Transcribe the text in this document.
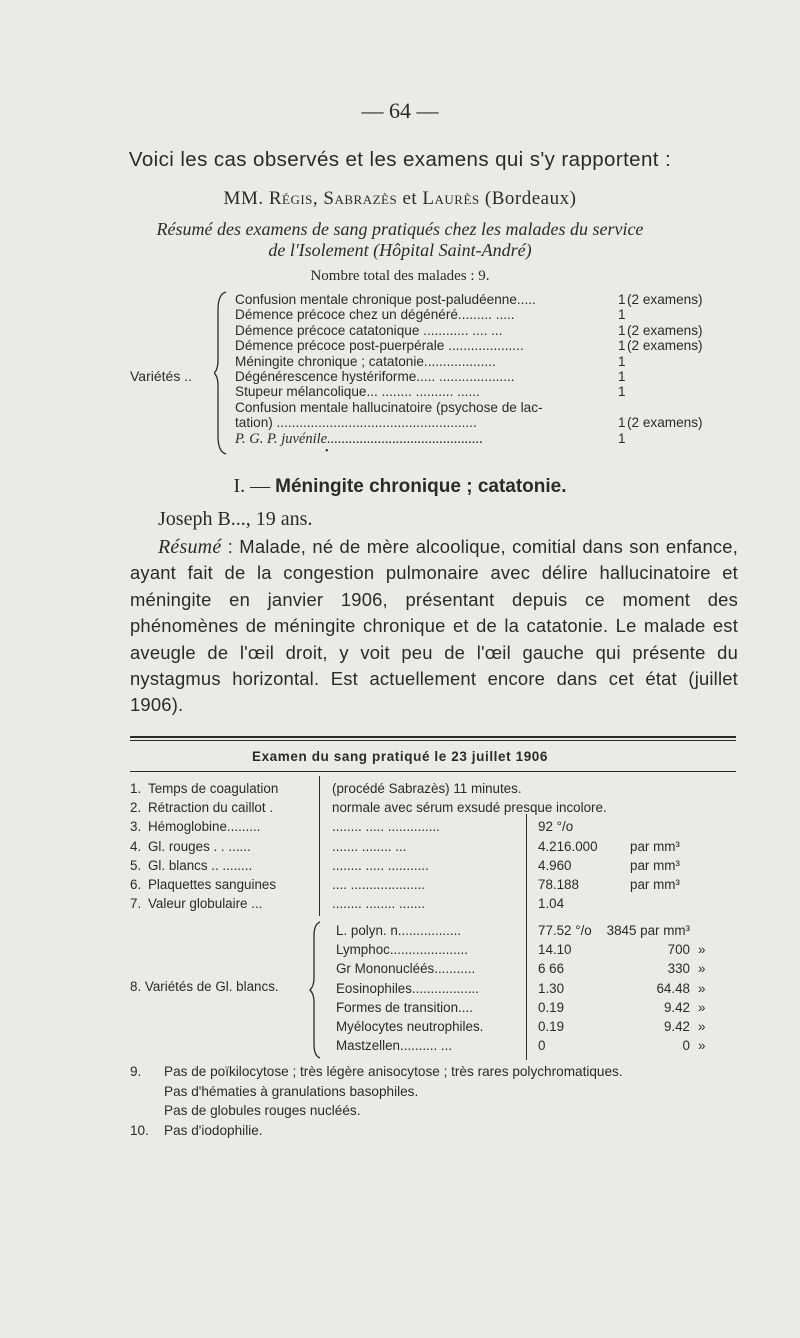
— 64 —
Voici les cas observés et les examens qui s'y rapportent :
MM. Régis, Sabrazès et Laurès (Bordeaux)
Résumé des examens de sang pratiqués chez les malades du service
de l'Isolement (Hôpital Saint-André)
Nombre total des malades : 9.
Variétés ..
Confusion mentale chronique post-paludéenne.....	1 (2 examens)
Démence précoce chez un dégénéré......... .....	1
Démence précoce catatonique ............ .... ...	1 (2 examens)
Démence précoce post-puerpérale ....................	1 (2 examens)
Méningite chronique ; catatonie...................	1
Dégénérescence hystériforme..... ....................	1
Stupeur mélancolique... ........ .......... ......	1
Confusion mentale hallucinatoire (psychose de lac-
tation) .....................................................	1 (2 examens)
P. G. P. juvénile...........................................	1
•
I. — Méningite chronique ; catatonie.
Joseph B..., 19 ans.
Résumé : Malade, né de mère alcoolique, comitial dans son enfance, ayant fait de la congestion pulmonaire avec délire hallucinatoire et méningite en janvier 1906, présentant depuis ce moment des phénomènes de méningite chronique et de la catatonie. Le malade est aveugle de l'œil droit, y voit peu de l'œil gauche qui présente du nystagmus horizontal. Est actuellement encore dans cet état (juillet 1906).
Examen du sang pratiqué le 23 juillet 1906
1. Temps de coagulation	(procédé Sabrazès) 11 minutes.
2. Rétraction du caillot .	normale avec sérum exsudé presque incolore.
3. Hémoglobine.........	........ ..... ..............	92 °/o
4. Gl. rouges . . ......	....... ........ ...	4.216.000 par mm³
5. Gl. blancs .. ........	........ ..... ...........	4.960	par mm³
6. Plaquettes sanguines	.... ....................	78.188	par mm³
7. Valeur globulaire ...	........ ........ .......	1.04
L. polyn. n.................	77.52 °/o	3845 par mm³
Lymphoc.....................	14.10	700 »
Gr Mononucléés...........	6 66	330 »
Eosinophiles..................	1.30	64.48 »
Formes de transition....	0.19	9.42 »
Myélocytes neutrophiles.	0.19	9.42 »
Mastzellen.......... ...	0	0 »
8. Variétés de Gl. blancs.
9. Pas de poïkilocytose ; très légère anisocytose ; très rares polychromatiques.
Pas d'hématies à granulations basophiles.
Pas de globules rouges nucléés.
10. Pas d'iodophilie.
